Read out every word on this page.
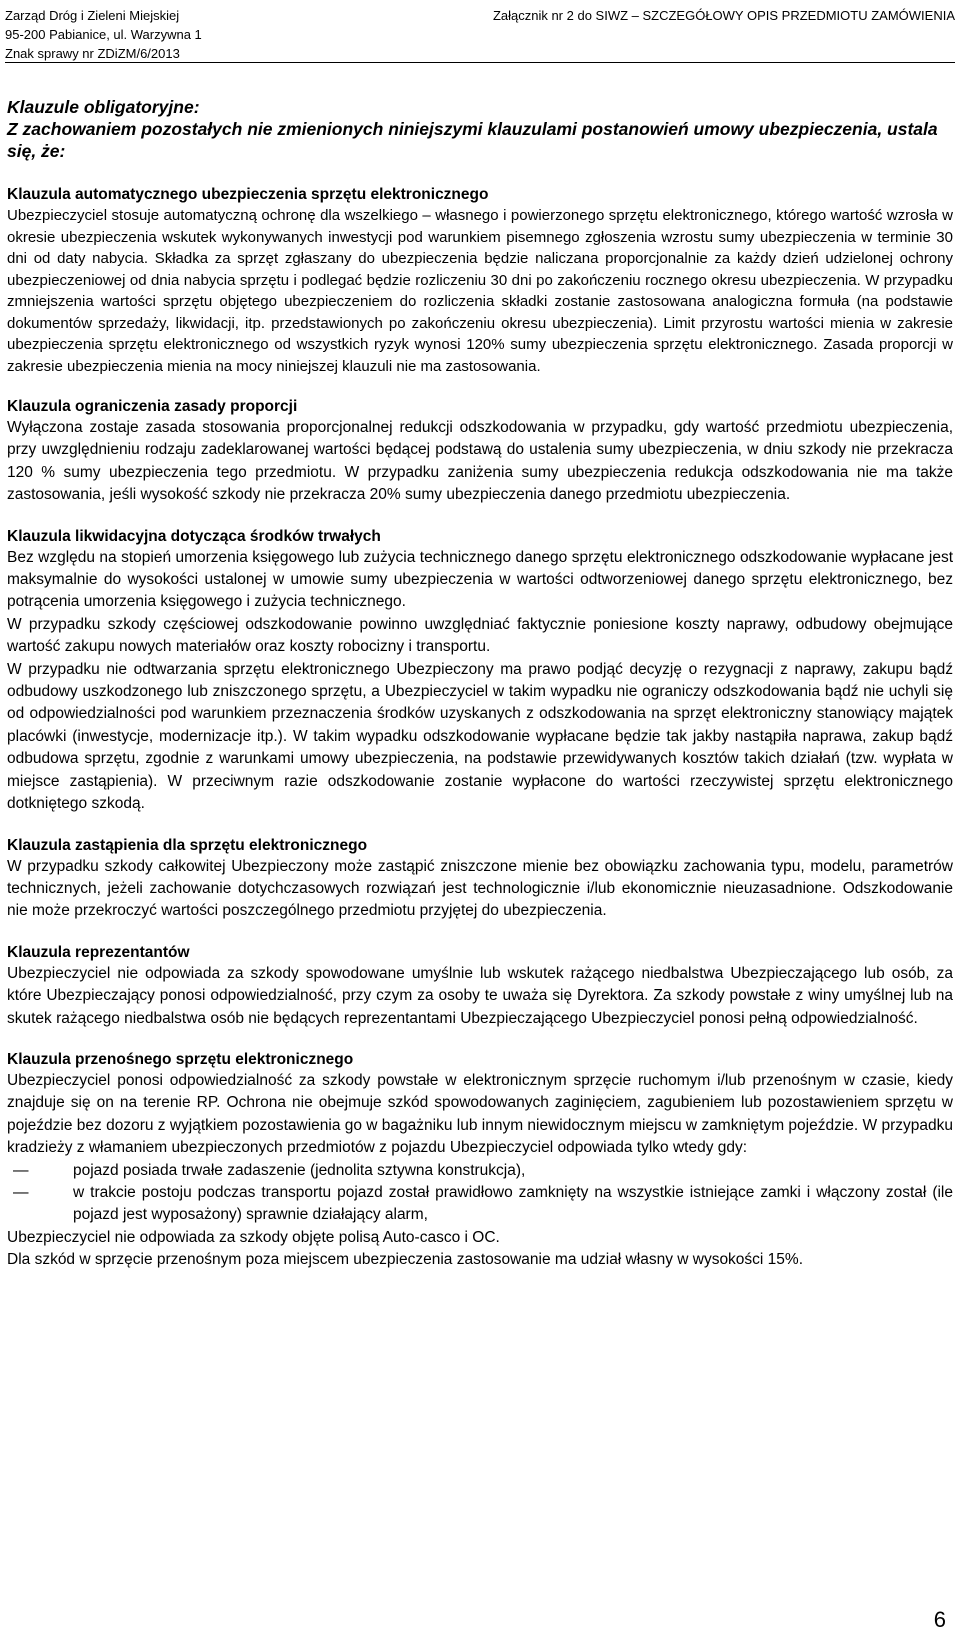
Zarząd Dróg i Zieleni Miejskiej
95-200 Pabianice, ul. Warzywna 1
Znak sprawy nr ZDiZM/6/2013
Załącznik nr 2 do SIWZ – SZCZEGÓŁOWY OPIS PRZEDMIOTU ZAMÓWIENIA

Klauzule obligatoryjne:

Z zachowaniem pozostałych nie zmienionych niniejszymi klauzulami postanowień umowy ubezpieczenia, ustala się, że:

Klauzula automatycznego ubezpieczenia sprzętu elektronicznego

Ubezpieczyciel stosuje automatyczną ochronę dla wszelkiego – własnego i powierzonego sprzętu elektronicznego, którego wartość wzrosła w okresie ubezpieczenia wskutek wykonywanych inwestycji pod warunkiem pisemnego zgłoszenia wzrostu sumy ubezpieczenia w terminie 30 dni od daty nabycia. Składka za sprzęt zgłaszany do ubezpieczenia będzie naliczana proporcjonalnie za każdy dzień udzielonej ochrony ubezpieczeniowej od dnia nabycia sprzętu i podlegać będzie rozliczeniu 30 dni po zakończeniu rocznego okresu ubezpieczenia. W przypadku zmniejszenia wartości sprzętu objętego ubezpieczeniem do rozliczenia składki zostanie zastosowana analogiczna formuła (na podstawie dokumentów sprzedaży, likwidacji, itp. przedstawionych po zakończeniu okresu ubezpieczenia). Limit przyrostu wartości mienia w zakresie ubezpieczenia sprzętu elektronicznego od wszystkich ryzyk wynosi 120% sumy ubezpieczenia sprzętu elektronicznego. Zasada proporcji w zakresie ubezpieczenia mienia na mocy niniejszej klauzuli nie ma zastosowania.

Klauzula ograniczenia zasady proporcji

Wyłączona zostaje zasada stosowania proporcjonalnej redukcji odszkodowania w przypadku, gdy wartość przedmiotu ubezpieczenia, przy uwzględnieniu rodzaju zadeklarowanej wartości będącej podstawą do ustalenia sumy ubezpieczenia, w dniu szkody nie przekracza 120 % sumy ubezpieczenia tego przedmiotu. W przypadku zaniżenia sumy ubezpieczenia redukcja odszkodowania nie ma także zastosowania, jeśli wysokość szkody nie przekracza 20% sumy ubezpieczenia danego przedmiotu ubezpieczenia.

Klauzula likwidacyjna dotycząca środków trwałych

Bez względu na stopień umorzenia księgowego lub zużycia technicznego danego sprzętu elektronicznego odszkodowanie wypłacane jest maksymalnie do wysokości ustalonej w umowie sumy ubezpieczenia w wartości odtworzeniowej danego sprzętu elektronicznego, bez potrącenia umorzenia księgowego i zużycia technicznego.

W przypadku szkody częściowej odszkodowanie powinno uwzględniać faktycznie poniesione koszty naprawy, odbudowy obejmujące wartość zakupu nowych materiałów oraz koszty robocizny i transportu.

W przypadku nie odtwarzania sprzętu elektronicznego Ubezpieczony ma prawo podjąć decyzję o rezygnacji z naprawy, zakupu bądź odbudowy uszkodzonego lub zniszczonego sprzętu, a Ubezpieczyciel w takim wypadku nie ograniczy odszkodowania bądź nie uchyli się od odpowiedzialności pod warunkiem przeznaczenia środków uzyskanych z odszkodowania na sprzęt elektroniczny stanowiący majątek placówki (inwestycje, modernizacje itp.). W takim wypadku odszkodowanie wypłacane będzie tak jakby nastąpiła naprawa, zakup bądź odbudowa sprzętu, zgodnie z warunkami umowy ubezpieczenia, na podstawie przewidywanych kosztów takich działań (tzw. wypłata w miejsce zastąpienia). W przeciwnym razie odszkodowanie zostanie wypłacone do wartości rzeczywistej sprzętu elektronicznego dotkniętego szkodą.

Klauzula zastąpienia dla sprzętu elektronicznego

W przypadku szkody całkowitej Ubezpieczony może zastąpić zniszczone mienie bez obowiązku zachowania typu, modelu, parametrów technicznych, jeżeli zachowanie dotychczasowych rozwiązań jest technologicznie i/lub ekonomicznie nieuzasadnione. Odszkodowanie nie może przekroczyć wartości poszczególnego przedmiotu przyjętej do ubezpieczenia.

Klauzula reprezentantów

Ubezpieczyciel nie odpowiada za szkody spowodowane umyślnie lub wskutek rażącego niedbalstwa Ubezpieczającego lub osób, za które Ubezpieczający ponosi odpowiedzialność, przy czym za osoby te uważa się Dyrektora. Za szkody powstałe z winy umyślnej lub na skutek rażącego niedbalstwa osób nie będących reprezentantami Ubezpieczającego Ubezpieczyciel ponosi pełną odpowiedzialność.

Klauzula przenośnego sprzętu elektronicznego

Ubezpieczyciel ponosi odpowiedzialność za szkody powstałe w elektronicznym sprzęcie ruchomym i/lub przenośnym w czasie, kiedy znajduje się on na terenie RP. Ochrona nie obejmuje szkód spowodowanych zaginięciem, zagubieniem lub pozostawieniem sprzętu w pojeździe bez dozoru z wyjątkiem pozostawienia go w bagażniku lub innym niewidocznym miejscu w zamkniętym pojeździe. W przypadku kradzieży z włamaniem ubezpieczonych przedmiotów z pojazdu Ubezpieczyciel odpowiada tylko wtedy gdy:

—	pojazd posiada trwałe zadaszenie (jednolita sztywna konstrukcja),
—	w trakcie postoju podczas transportu pojazd został prawidłowo zamknięty na wszystkie istniejące zamki i włączony został (ile pojazd jest wyposażony) sprawnie działający alarm,

Ubezpieczyciel nie odpowiada za szkody objęte polisą Auto-casco i OC.

Dla szkód w sprzęcie przenośnym poza miejscem ubezpieczenia zastosowanie ma udział własny w wysokości 15%.

6
